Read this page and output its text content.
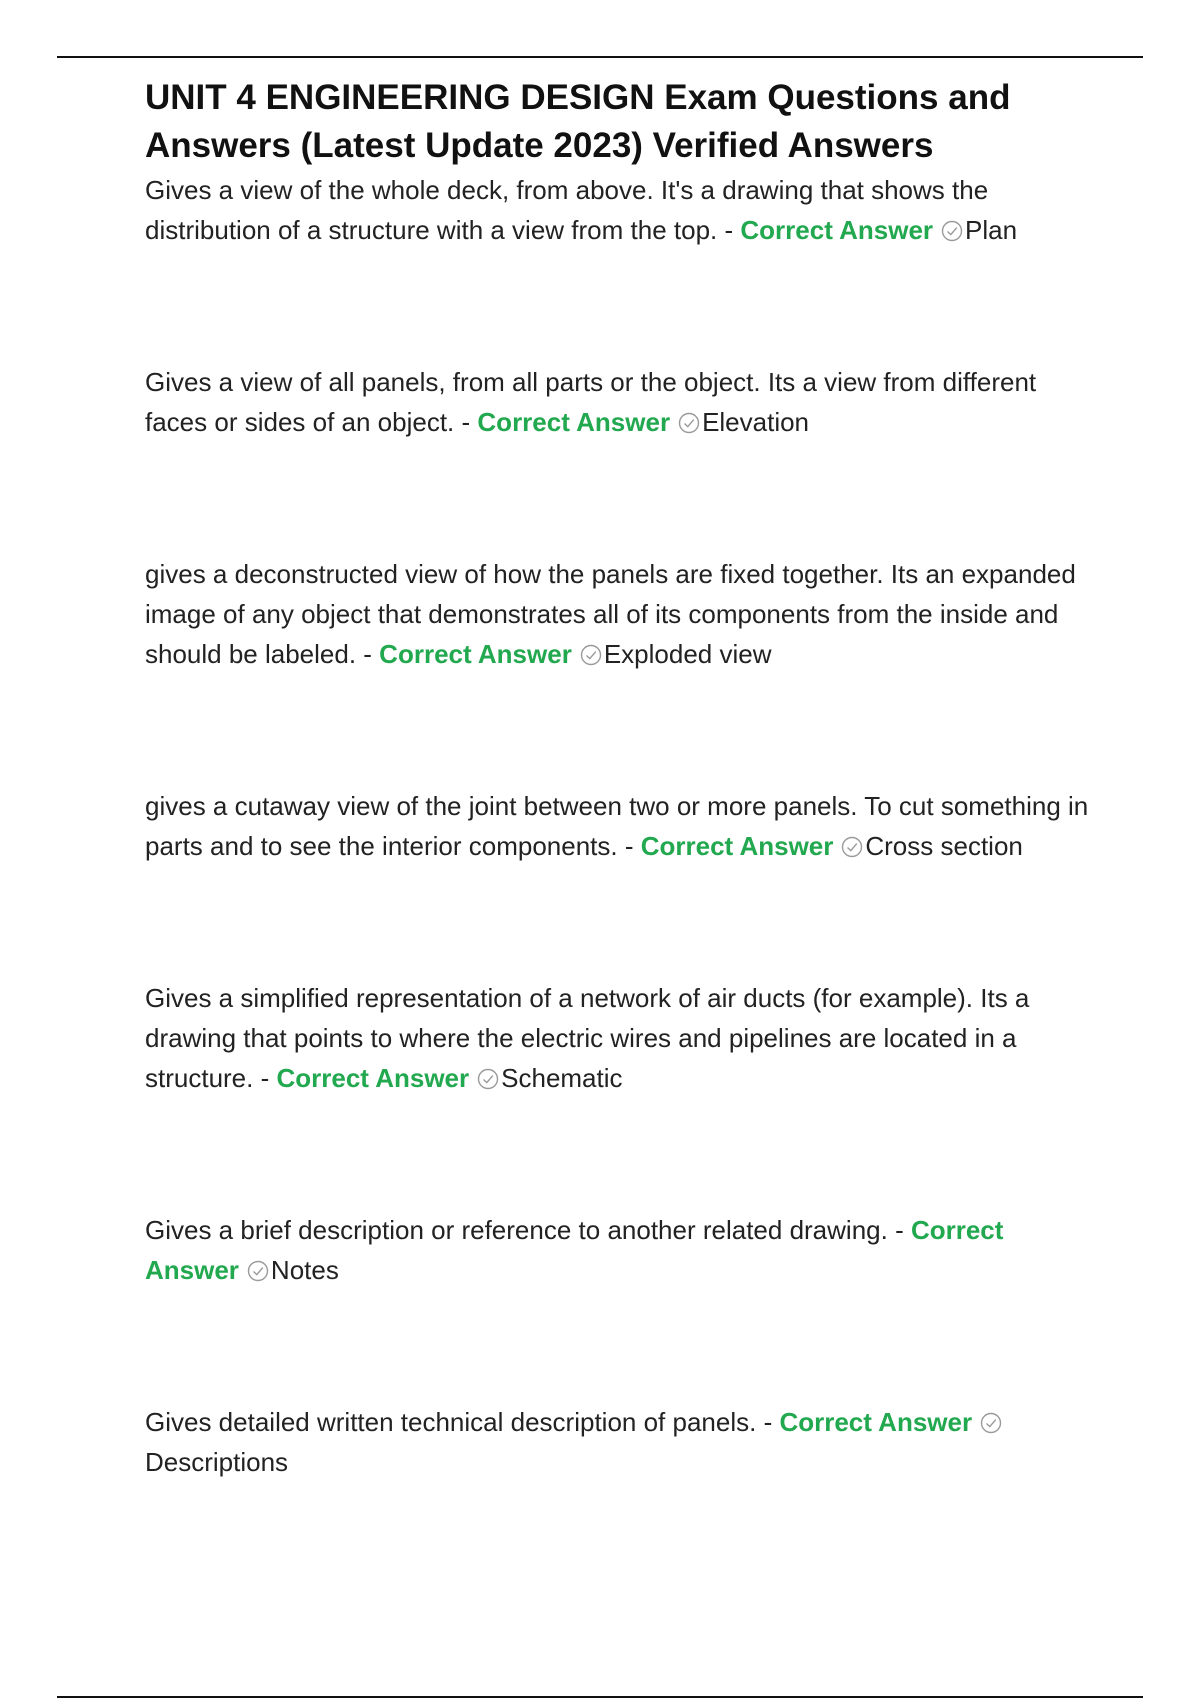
UNIT 4 ENGINEERING DESIGN Exam Questions and Answers (Latest Update 2023) Verified Answers
Gives a view of the whole deck, from above. It's a drawing that shows the distribution of a structure with a view from the top. - Correct Answer Plan
Gives a view of all panels, from all parts or the object. Its a view from different faces or sides of an object. - Correct Answer Elevation
gives a deconstructed view of how the panels are fixed together. Its an expanded image of any object that demonstrates all of its components from the inside and should be labeled. - Correct Answer Exploded view
gives a cutaway view of the joint between two or more panels. To cut something in parts and to see the interior components. - Correct Answer Cross section
Gives a simplified representation of a network of air ducts (for example). Its a drawing that points to where the electric wires and pipelines are located in a structure. - Correct Answer Schematic
Gives a brief description or reference to another related drawing. - Correct Answer Notes
Gives detailed written technical description of panels. - Correct Answer
Descriptions
